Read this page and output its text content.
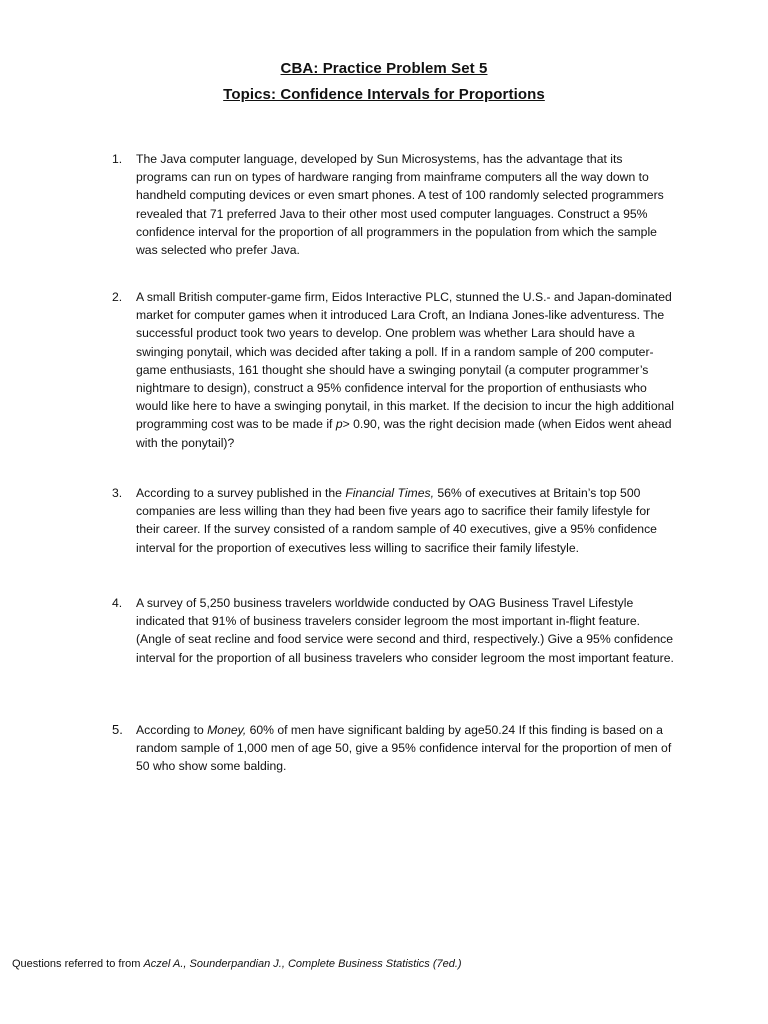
CBA: Practice Problem Set 5
Topics: Confidence Intervals for Proportions
1.	The Java computer language, developed by Sun Microsystems, has the advantage that its programs can run on types of hardware ranging from mainframe computers all the way down to handheld computing devices or even smart phones. A test of 100 randomly selected programmers revealed that 71 preferred Java to their other most used computer languages. Construct a 95% confidence interval for the proportion of all programmers in the population from which the sample was selected who prefer Java.
2.	A small British computer-game firm, Eidos Interactive PLC, stunned the U.S.- and Japan-dominated market for computer games when it introduced Lara Croft, an Indiana Jones-like adventuress. The successful product took two years to develop. One problem was whether Lara should have a swinging ponytail, which was decided after taking a poll. If in a random sample of 200 computer-game enthusiasts, 161 thought she should have a swinging ponytail (a computer programmer’s nightmare to design), construct a 95% confidence interval for the proportion of enthusiasts who would like here to have a swinging ponytail, in this market. If the decision to incur the high additional programming cost was to be made if p> 0.90, was the right decision made (when Eidos went ahead with the ponytail)?
3.	According to a survey published in the Financial Times, 56% of executives at Britain’s top 500 companies are less willing than they had been five years ago to sacrifice their family lifestyle for their career. If the survey consisted of a random sample of 40 executives, give a 95% confidence interval for the proportion of executives less willing to sacrifice their family lifestyle.
4.	A survey of 5,250 business travelers worldwide conducted by OAG Business Travel Lifestyle indicated that 91% of business travelers consider legroom the most important in-flight feature. (Angle of seat recline and food service were second and third, respectively.) Give a 95% confidence interval for the proportion of all business travelers who consider legroom the most important feature.
5.	According to Money, 60% of men have significant balding by age50.24 If this finding is based on a random sample of 1,000 men of age 50, give a 95% confidence interval for the proportion of men of 50 who show some balding.
Questions referred to from Aczel A., Sounderpandian J., Complete Business Statistics (7ed.)
